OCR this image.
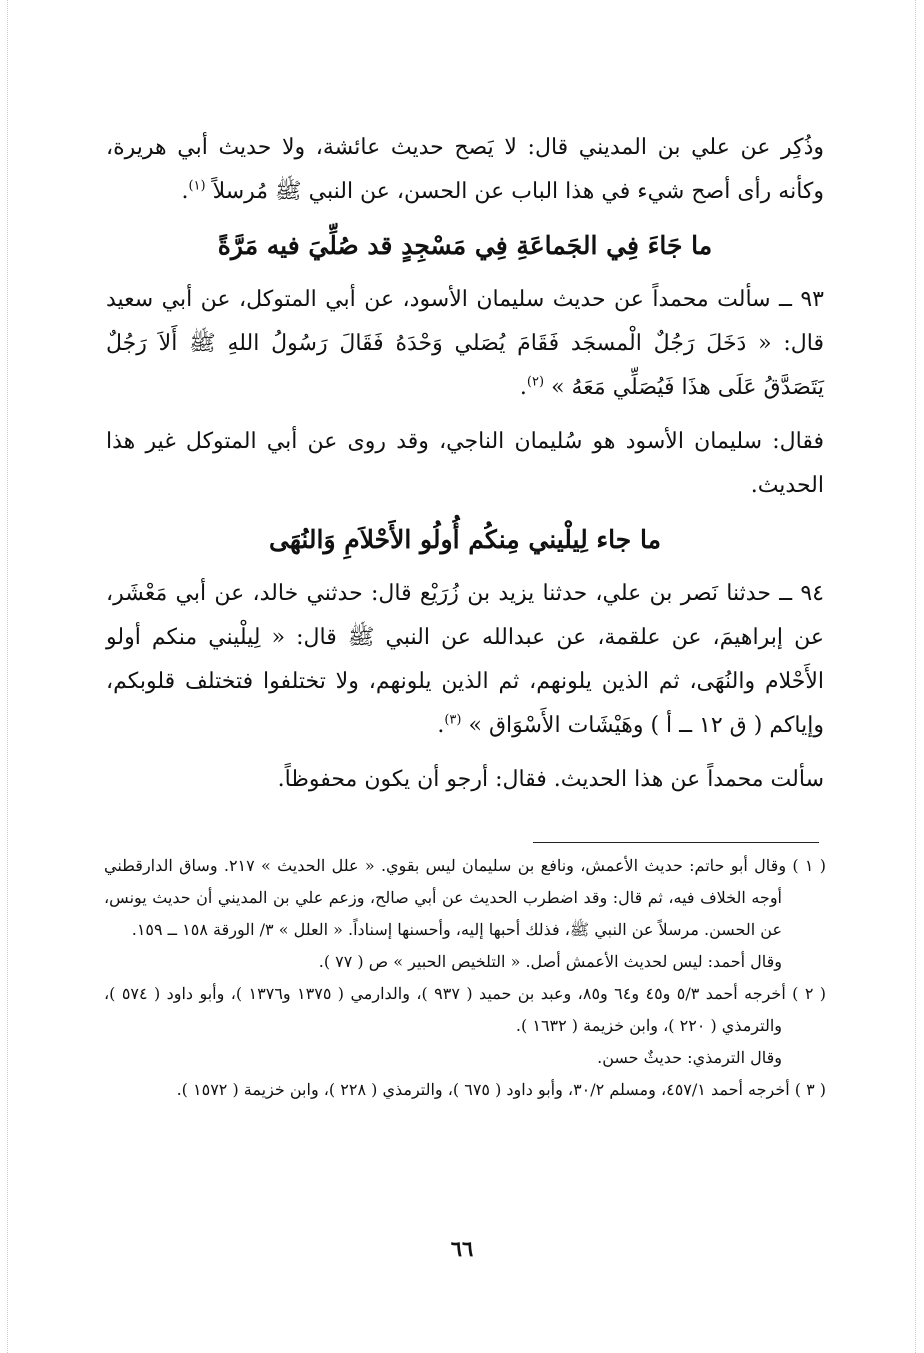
وذُكِر عن علي بن المديني قال: لا يَصح حديث عائشة، ولا حديث أبي هريرة، وكأنه رأى أصح شيء في هذا الباب عن الحسن، عن النبي ﷺ مُرسلاً $^{(١)}$.

ما جَاءَ فِي الجَماعَةِ فِي مَسْجِدٍ قد صُلِّيَ فيه مَرَّةً

٩٣ ــ سألت محمداً عن حديث سليمان الأسود، عن أبي المتوكل، عن أبي سعيد قال: « دَخَلَ رَجُلٌ الْمسجَد فَقَامَ يُصَلي وَحْدَهُ فَقَالَ رَسُولُ اللهِ ﷺ أَلاَ رَجُلٌ يَتَصَدَّقُ عَلَى هذَا فَيُصَلِّي مَعَهُ » $^{(٢)}$.

فقال: سليمان الأسود هو سُليمان الناجي، وقد روى عن أبي المتوكل غير هذا الحديث.

ما جاء لِيلْيني مِنكُم أُولُو الأَحْلاَمِ وَالنُهَى

٩٤ ــ حدثنا نَصر بن علي، حدثنا يزيد بن زُرَيْع قال: حدثني خالد، عن أبي مَعْشَر، عن إبراهيمَ، عن علقمة، عن عبدالله عن النبي ﷺ قال: « لِيلْيني منكم أولو الأَحْلام والنُهَى، ثم الذين يلونهم، ثم الذين يلونهم، ولا تختلفوا فتختلف قلوبكم، وإياكم ( ق ١٢ ــ أ ) وهَيْشَات الأَسْوَاق » $^{(٣)}$.

سألت محمداً عن هذا الحديث. فقال: أرجو أن يكون محفوظاً.

( ١ ) وقال أبو حاتم: حديث الأعمش، ونافع بن سليمان ليس بقوي. « علل الحديث » ٢١٧. وساق الدارقطني أوجه الخلاف فيه، ثم قال: وقد اضطرب الحديث عن أبي صالح، وزعم علي بن المديني أن حديث يونس، عن الحسن. مرسلاً عن النبي ﷺ، فذلك أحبها إليه، وأحسنها إسناداً. « العلل » ٣/ الورقة ١٥٨ ــ ١٥٩.

وقال أحمد: ليس لحديث الأعمش أصل. « التلخيص الحبير » ص ( ٧٧ ).

( ٢ ) أخرجه أحمد ٥/٣ و٤٥ و٦٤ و٨٥، وعبد بن حميد ( ٩٣٧ )، والدارمي ( ١٣٧٥ و١٣٧٦ )، وأبو داود ( ٥٧٤ )، والترمذي ( ٢٢٠ )، وابن خزيمة ( ١٦٣٢ ).

وقال الترمذي: حديثٌ حسن.

( ٣ ) أخرجه أحمد ٤٥٧/١، ومسلم ٣٠/٢، وأبو داود ( ٦٧٥ )، والترمذي ( ٢٢٨ )، وابن خزيمة ( ١٥٧٢ ).

٦٦
